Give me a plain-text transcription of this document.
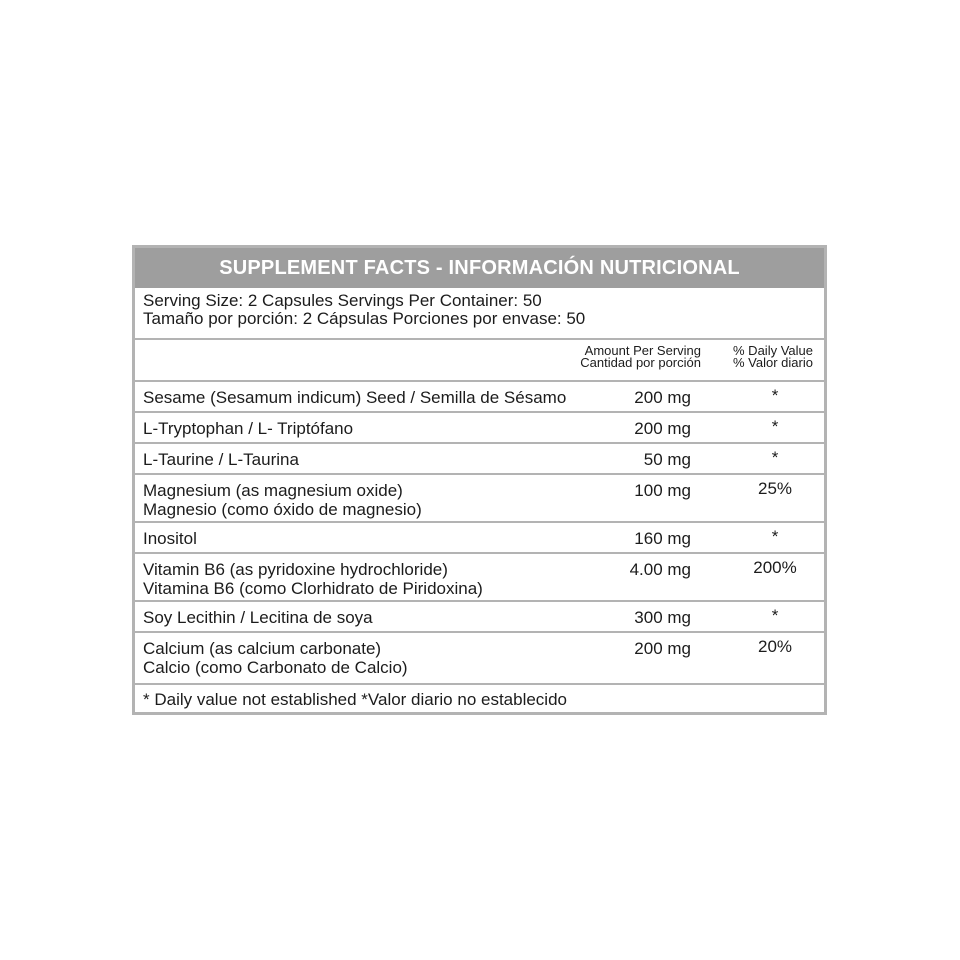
SUPPLEMENT FACTS - INFORMACIÓN NUTRICIONAL
Serving Size: 2 Capsules Servings Per Container: 50
Tamaño por porción: 2 Cápsulas Porciones por envase: 50
Amount Per Serving
Cantidad por porción
% Daily Value
% Valor diario
Sesame (Sesamum indicum) Seed / Semilla de Sésamo	200 mg	*
L-Tryptophan / L- Triptófano	200 mg	*
L-Taurine / L-Taurina	50 mg	*
Magnesium (as magnesium oxide)
Magnesio (como óxido de magnesio)
100 mg	25%
Inositol	160 mg	*
Vitamin B6 (as pyridoxine hydrochloride)
Vitamina B6 (como Clorhidrato de Piridoxina)
4.00 mg	200%
Soy Lecithin / Lecitina de soya	300 mg	*
Calcium (as calcium carbonate)
Calcio (como Carbonato de Calcio)
200 mg	20%
* Daily value not established *Valor diario no establecido
